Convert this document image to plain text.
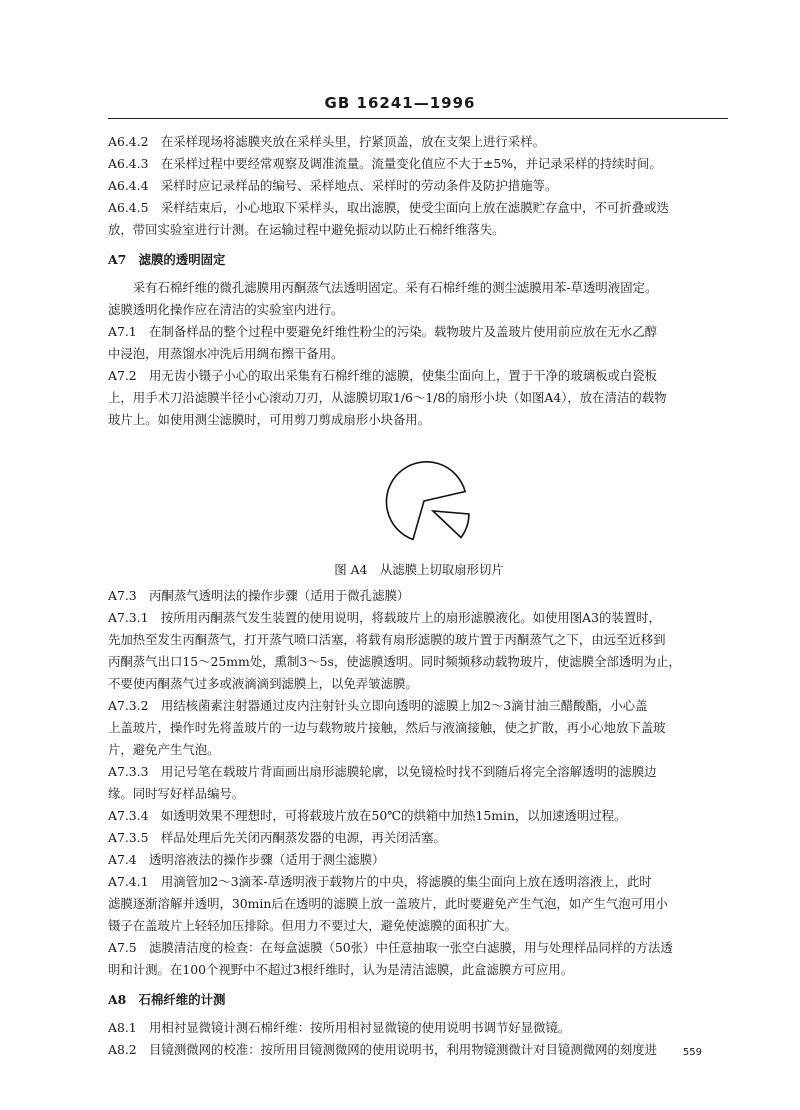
GB 16241—1996
A6.4.2　在采样现场将滤膜夹放在采样头里，拧紧顶盖，放在支架上进行采样。
A6.4.3　在采样过程中要经常观察及调准流量。流量变化值应不大于±5%，并记录采样的持续时间。
A6.4.4　采样时应记录样品的编号、采样地点、采样时的劳动条件及防护措施等。
A6.4.5　采样结束后，小心地取下采样头，取出滤膜，使受尘面向上放在滤膜贮存盒中，不可折叠或迭
放，带回实验室进行计测。在运输过程中避免振动以防止石棉纤维落失。
A7　滤膜的透明固定
　　采有石棉纤维的微孔滤膜用丙酮蒸气法透明固定。采有石棉纤维的测尘滤膜用苯-草透明液固定。
滤膜透明化操作应在清洁的实验室内进行。
A7.1　在制备样品的整个过程中要避免纤维性粉尘的污染。载物玻片及盖玻片使用前应放在无水乙醇
中浸泡，用蒸馏水冲洗后用绸布擦干备用。
A7.2　用无齿小镊子小心的取出采集有石棉纤维的滤膜，使集尘面向上，置于干净的玻璃板或白瓷板
上，用手术刀沿滤膜半径小心滚动刀刃，从滤膜切取1/6～1/8的扇形小块（如图A4），放在清洁的载物
玻片上。如使用测尘滤膜时，可用剪刀剪成扇形小块备用。
图 A4　从滤膜上切取扇形切片
A7.3　丙酮蒸气透明法的操作步骤（适用于微孔滤膜）
A7.3.1　按所用丙酮蒸气发生装置的使用说明，将载玻片上的扇形滤膜液化。如使用图A3的装置时，
先加热至发生丙酮蒸气，打开蒸气喷口活塞，将载有扇形滤膜的玻片置于丙酮蒸气之下，由远至近移到
丙酮蒸气出口15～25mm处，熏制3～5s，使滤膜透明。同时频频移动载物玻片，使滤膜全部透明为止，
不要使丙酮蒸气过多或液滴滴到滤膜上，以免弄皱滤膜。
A7.3.2　用结核菌素注射器通过皮内注射针头立即向透明的滤膜上加2～3滴甘油三醋酸酯，小心盖
上盖玻片，操作时先将盖玻片的一边与载物玻片接触，然后与液滴接触，使之扩散，再小心地放下盖玻
片，避免产生气泡。
A7.3.3　用记号笔在载玻片背面画出扇形滤膜轮廓，以免镜检时找不到随后将完全溶解透明的滤膜边
缘。同时写好样品编号。
A7.3.4　如透明效果不理想时，可将载玻片放在50℃的烘箱中加热15min，以加速透明过程。
A7.3.5　样品处理后先关闭丙酮蒸发器的电源，再关闭活塞。
A7.4　透明溶液法的操作步骤（适用于测尘滤膜）
A7.4.1　用滴管加2～3滴苯-草透明液于载物片的中央，将滤膜的集尘面向上放在透明溶液上，此时
滤膜逐渐溶解并透明，30min后在透明的滤膜上放一盖玻片，此时要避免产生气泡，如产生气泡可用小
镊子在盖玻片上轻轻加压排除。但用力不要过大，避免使滤膜的面积扩大。
A7.5　滤膜清洁度的检查：在每盒滤膜（50张）中任意抽取一张空白滤膜，用与处理样品同样的方法透
明和计测。在100个视野中不超过3根纤维时，认为是清洁滤膜，此盒滤膜方可应用。
A8　石棉纤维的计测
A8.1　用相衬显微镜计测石棉纤维：按所用相衬显微镜的使用说明书调节好显微镜。
A8.2　目镜测微网的校准：按所用目镜测微网的使用说明书，利用物镜测微计对目镜测微网的刻度进	559
